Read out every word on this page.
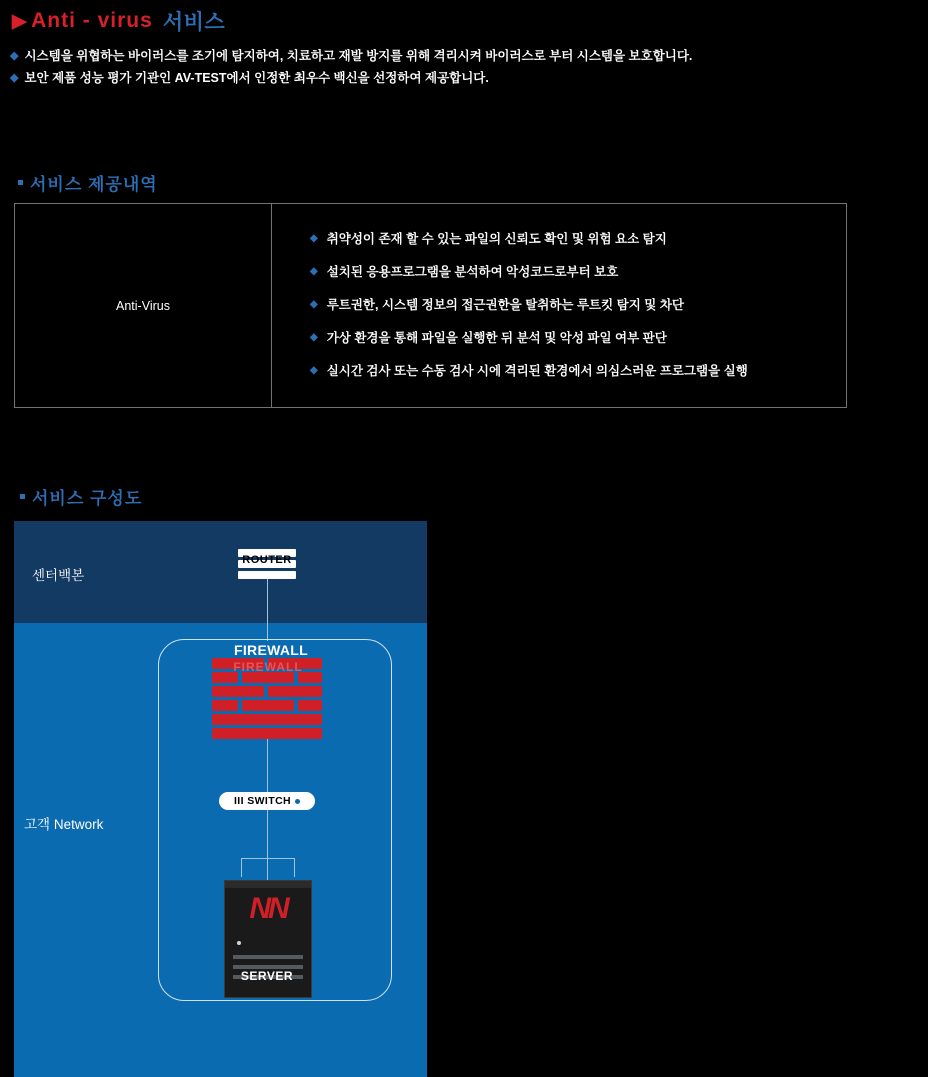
▶ Anti - virus 서비스
◆ 시스템을 위협하는 바이러스를 조기에 탐지하여, 치료하고 재발 방지를 위해 격리시켜 바이러스로 부터 시스템을 보호합니다.
◆ 보안 제품 성능 평가 기관인 AV-TEST에서 인정한 최우수 백신을 선정하여 제공합니다.
서비스 제공내역
Anti-Virus
◆ 취약성이 존재 할 수 있는 파일의 신뢰도 확인 및 위험 요소 탐지
◆ 설치된 응용프로그램을 분석하여 악성코드로부터 보호
◆ 루트권한, 시스템 정보의 접근권한을 탈취하는 루트킷 탐지 및 차단
◆ 가상 환경을 통해 파일을 실행한 뒤 분석 및 악성 파일 여부 판단
◆ 실시간 검사 또는 수동 검사 시에 격리된 환경에서 의심스러운 프로그램을 실행
서비스 구성도
센터백본
고객 Network
ROUTER
FIREWALL
FIREWALL
III SWITCH
NN
SERVER
